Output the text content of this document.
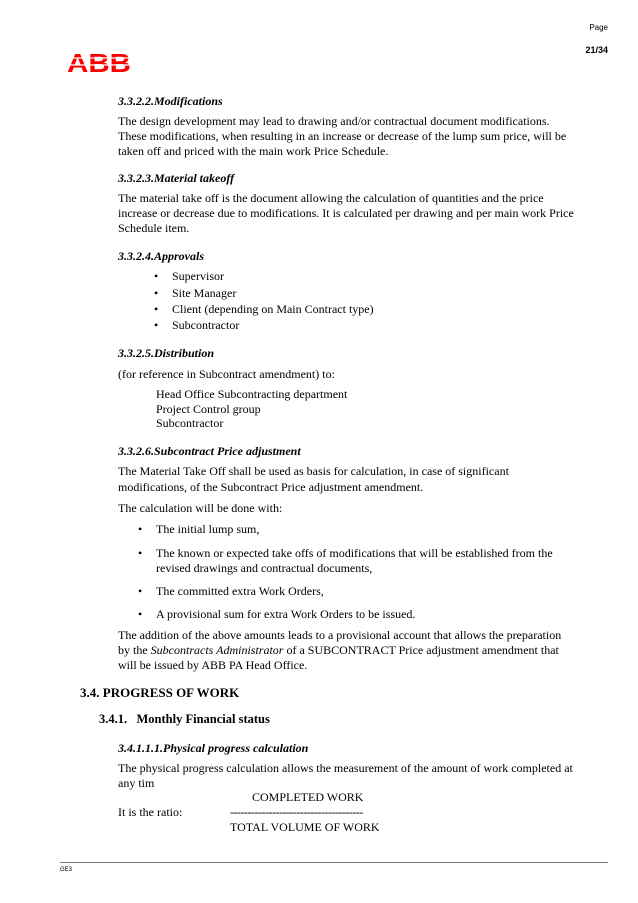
ABB
Page
21/34
3.3.2.2.Modifications
The design development may lead to drawing and/or contractual document modifications.
These modifications, when resulting in an increase or decrease of the lump sum price, will be
taken off and priced with the main work Price Schedule.
3.3.2.3.Material takeoff
The material take off is the document allowing the calculation of quantities and the price
increase or decrease due to modifications. It is calculated per drawing and per main work Price
Schedule item.
3.3.2.4.Approvals
• Supervisor
• Site Manager
• Client (depending on Main Contract type)
• Subcontractor
3.3.2.5.Distribution
(for reference in Subcontract amendment) to:
Head Office Subcontracting department
Project Control group
Subcontractor
3.3.2.6.Subcontract Price adjustment
The Material Take Off shall be used as basis for calculation, in case of significant
modifications, of the Subcontract Price adjustment amendment.
The calculation will be done with:
• The initial lump sum,
• The known or expected take offs of modifications that will be established from the
revised drawings and contractual documents,
• The committed extra Work Orders,
• A provisional sum for extra Work Orders to be issued.
The addition of the above amounts leads to a provisional account that allows the preparation
by the Subcontracts Administrator of a SUBCONTRACT Price adjustment amendment that
will be issued by ABB PA Head Office.
3.4. PROGRESS OF WORK
3.4.1.   Monthly Financial status
3.4.1.1.1.Physical progress calculation
The physical progress calculation allows the measurement of the amount of work completed at
any tim
COMPLETED WORK
It is the ratio:	--------------------------------------
TOTAL VOLUME OF WORK
GE3
